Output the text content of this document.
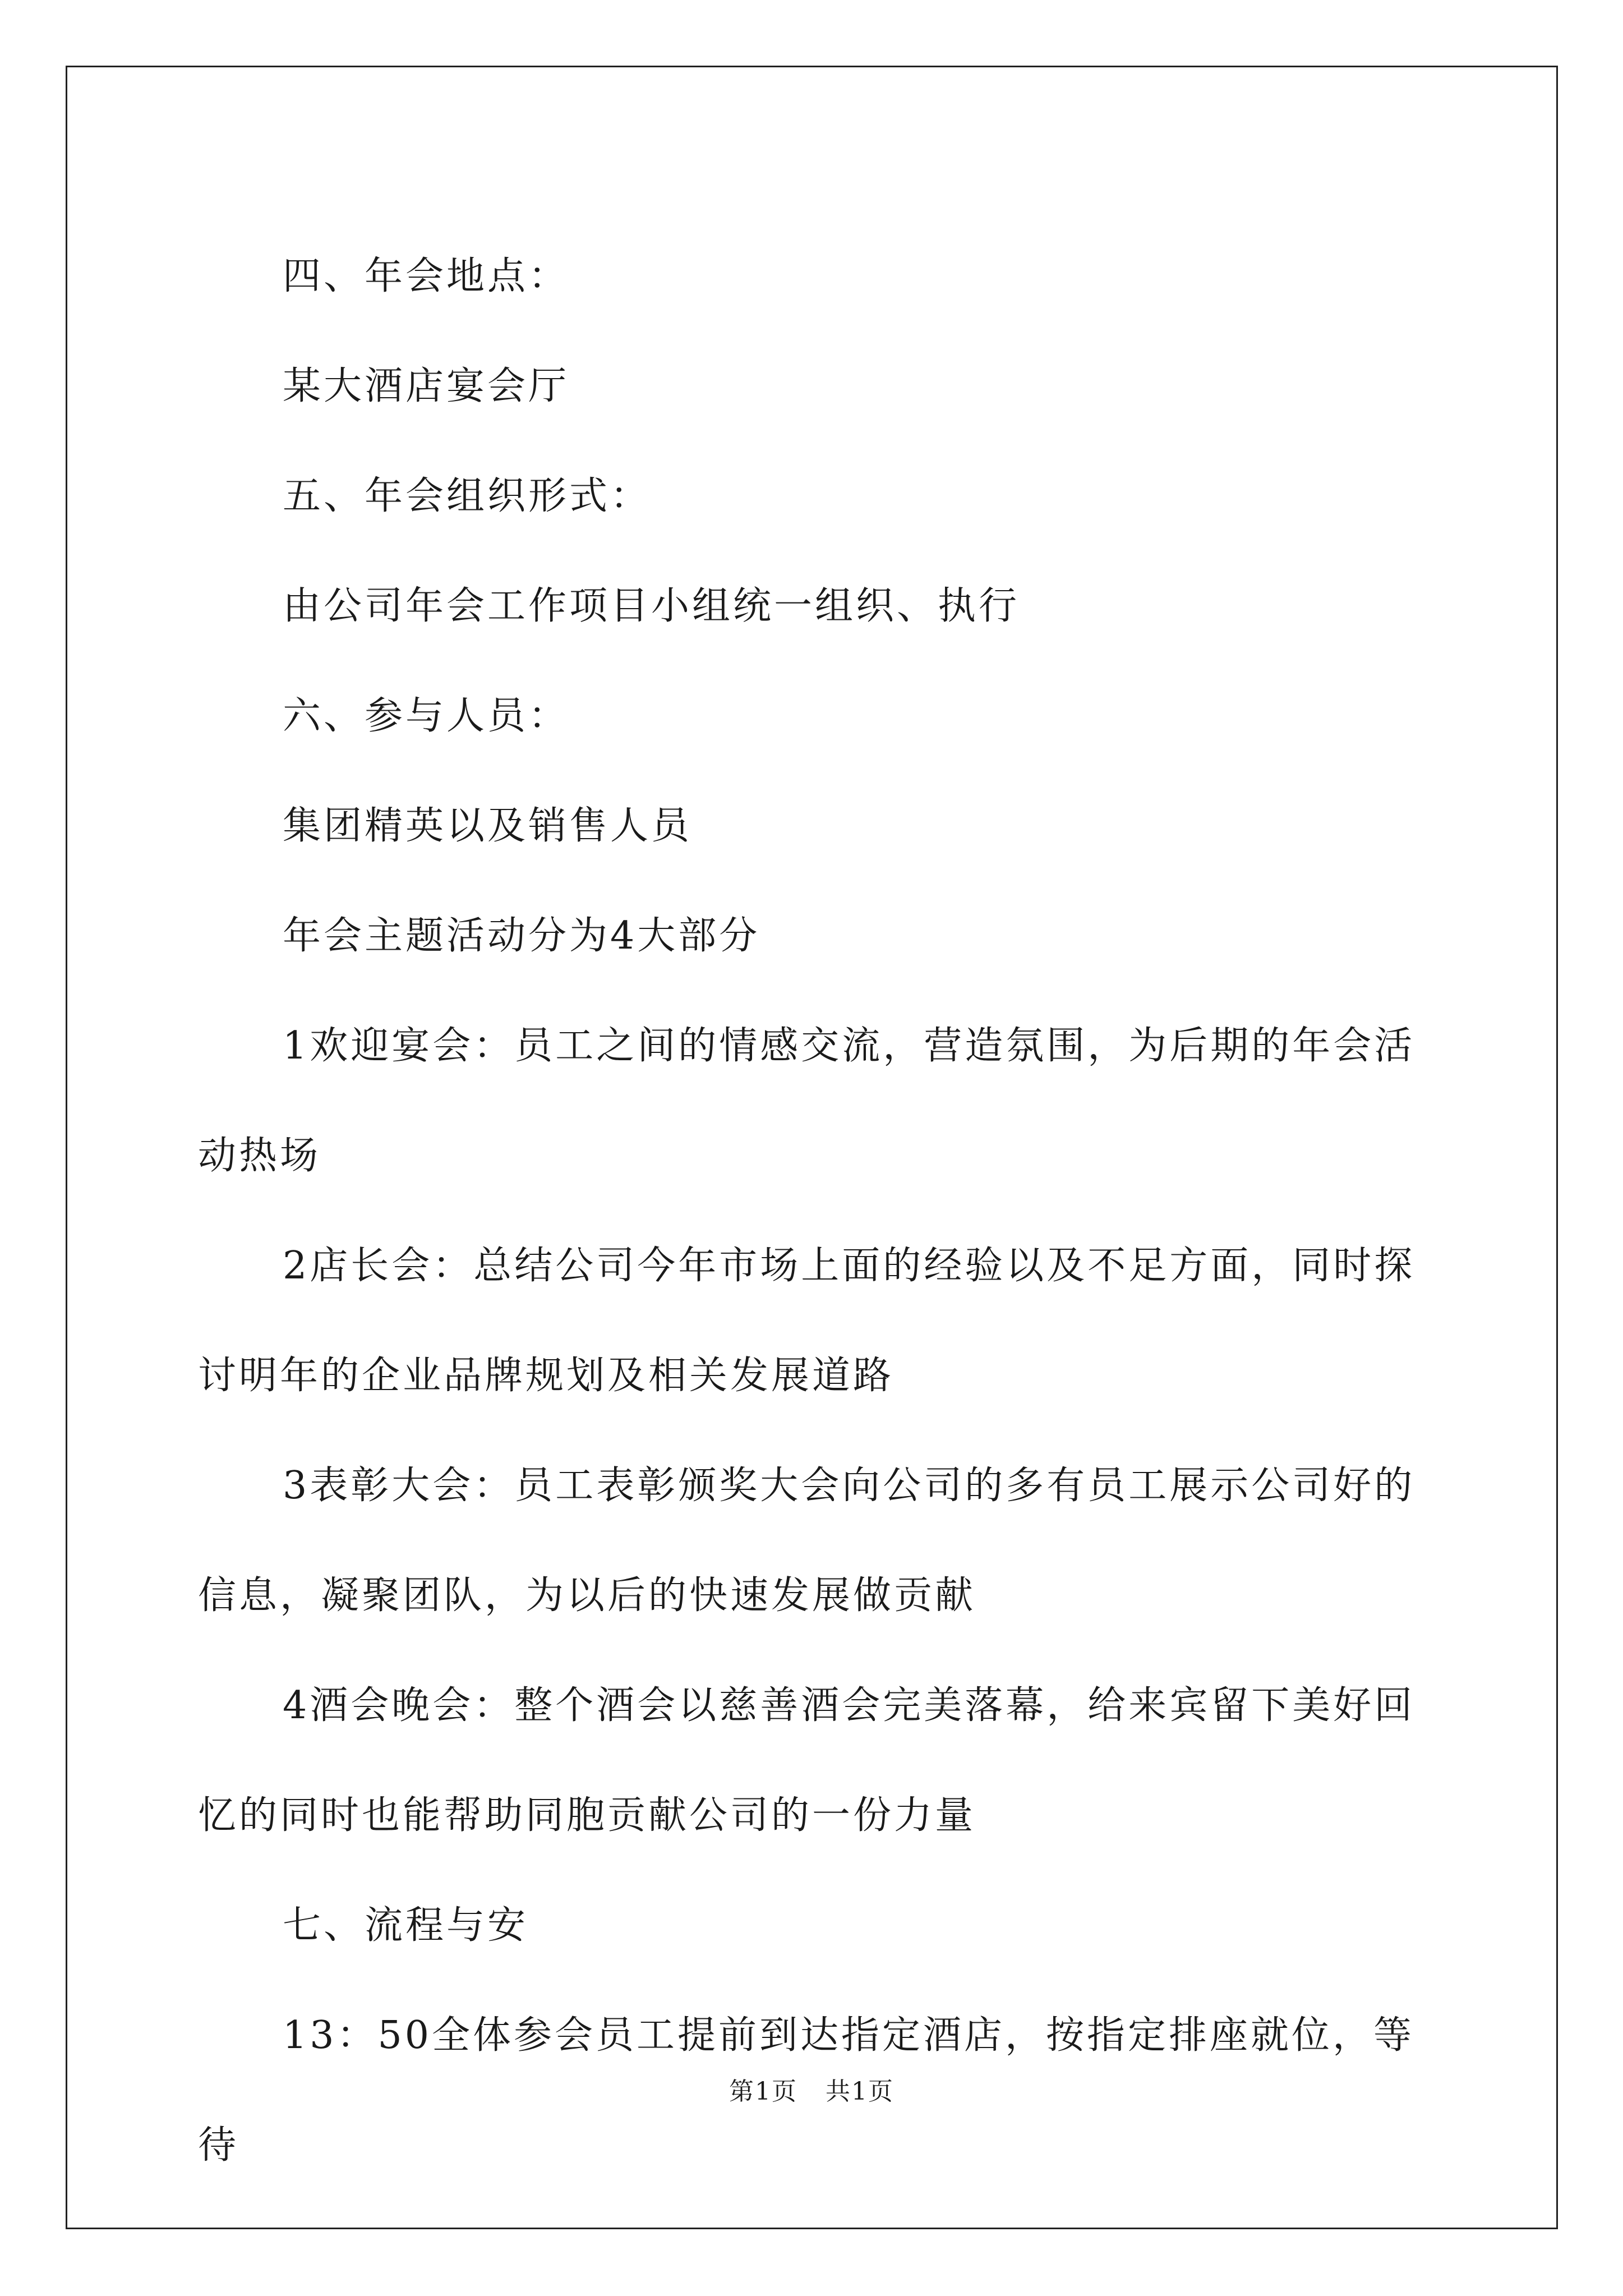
四、年会地点：

某大酒店宴会厅

五、年会组织形式：

由公司年会工作项目小组统一组织、执行

六、参与人员：

集团精英以及销售人员

年会主题活动分为4大部分

1欢迎宴会：员工之间的情感交流，营造氛围，为后期的年会活动热场

2店长会：总结公司今年市场上面的经验以及不足方面，同时探讨明年的企业品牌规划及相关发展道路

3表彰大会：员工表彰颁奖大会向公司的多有员工展示公司好的信息，凝聚团队，为以后的快速发展做贡献

4酒会晚会：整个酒会以慈善酒会完美落幕，给来宾留下美好回忆的同时也能帮助同胞贡献公司的一份力量

七、流程与安

13：50全体参会员工提前到达指定酒店，按指定排座就位，等待

第1页 共1页
